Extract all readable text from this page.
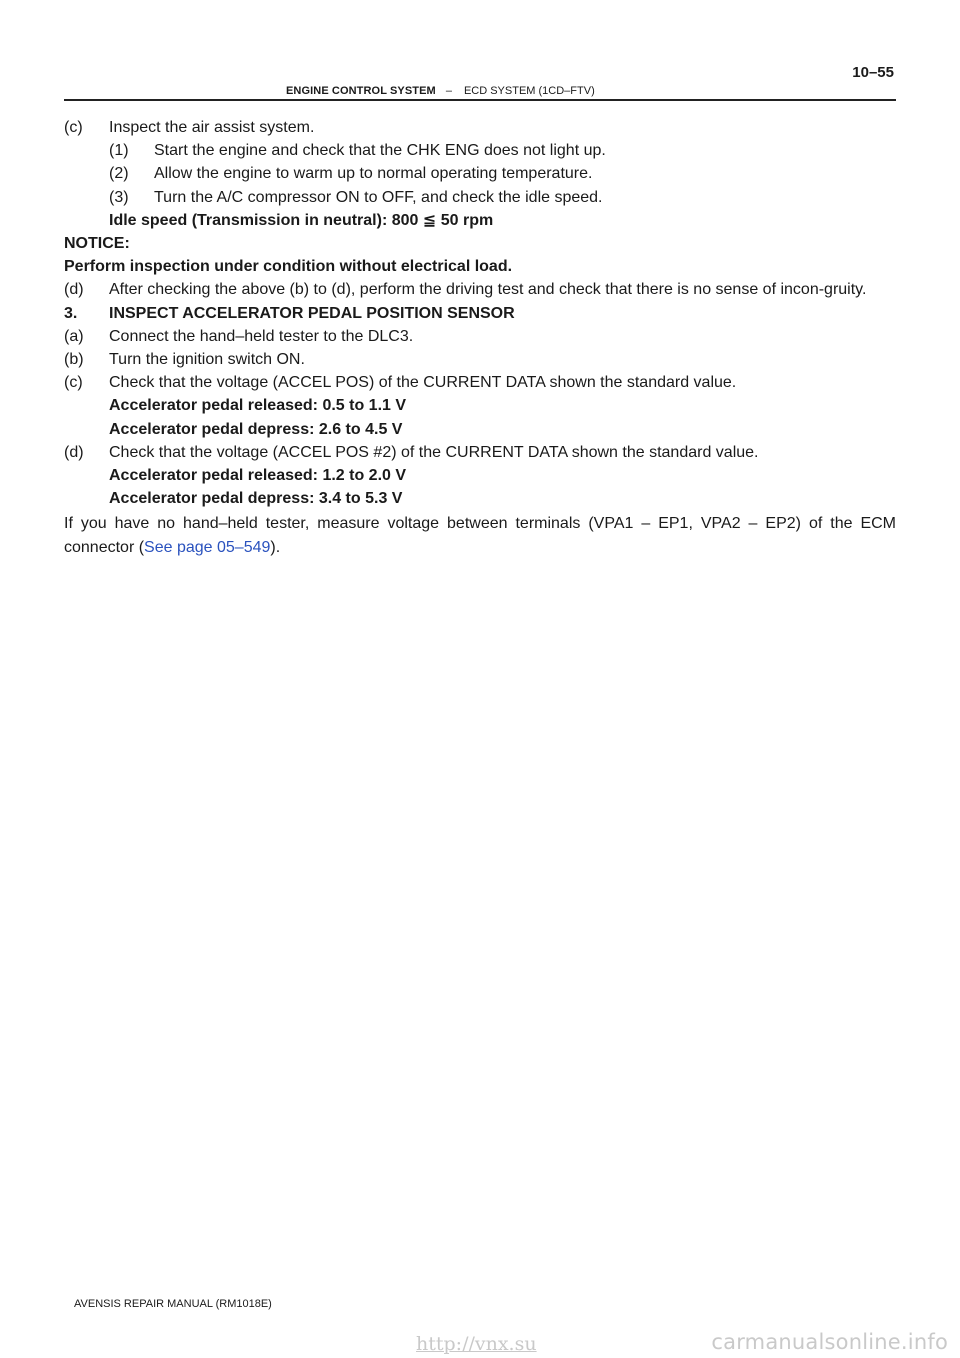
10–55
ENGINE CONTROL SYSTEM – ECD SYSTEM (1CD–FTV)
(c) Inspect the air assist system.
(1) Start the engine and check that the CHK ENG does not light up.
(2) Allow the engine to warm up to normal operating temperature.
(3) Turn the A/C compressor ON to OFF, and check the idle speed.
Idle speed (Transmission in neutral): 800 ≦ 50 rpm
NOTICE:
Perform inspection under condition without electrical load.
(d) After checking the above (b) to (d), perform the driving test and check that there is no sense of incon-gruity.
3. INSPECT ACCELERATOR PEDAL POSITION SENSOR
(a) Connect the hand–held tester to the DLC3.
(b) Turn the ignition switch ON.
(c) Check that the voltage (ACCEL POS) of the CURRENT DATA shown the standard value.
Accelerator pedal released: 0.5 to 1.1 V
Accelerator pedal depress: 2.6 to 4.5 V
(d) Check that the voltage (ACCEL POS #2) of the CURRENT DATA shown the standard value.
Accelerator pedal released: 1.2 to 2.0 V
Accelerator pedal depress: 3.4 to 5.3 V
If you have no hand–held tester, measure voltage between terminals (VPA1 – EP1, VPA2 – EP2) of the ECM connector (See page 05–549).
AVENSIS REPAIR MANUAL (RM1018E)
http://vnx.su	carmanualsonline.info
